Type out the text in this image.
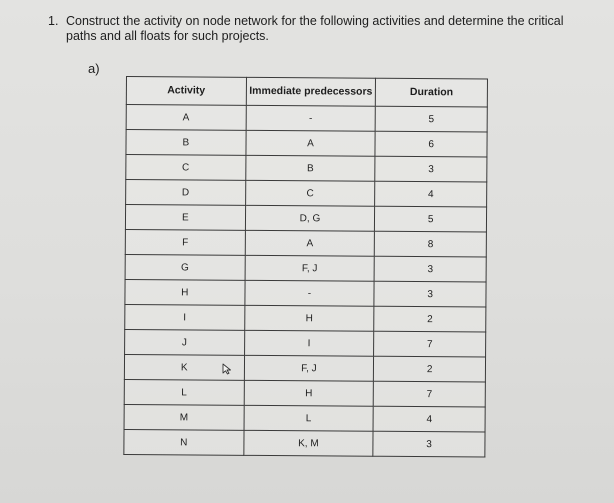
1. Construct the activity on node network for the following activities and determine the critical paths and all floats for such projects.
a)
Activity	Immediate predecessors	Duration
A	-	5
B	A	6
C	B	3
D	C	4
E	D, G	5
F	A	8
G	F, J	3
H	-	3
I	H	2
J	I	7
K	F, J	2
L	H	7
M	L	4
N	K, M	3
